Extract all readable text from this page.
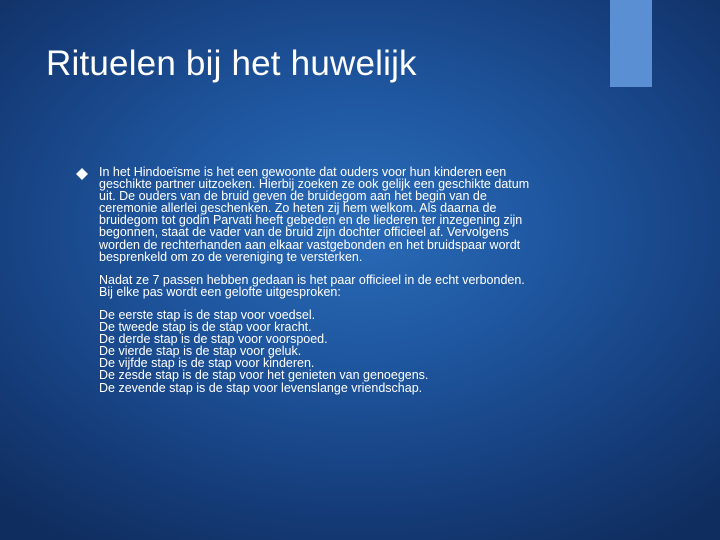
Rituelen bij het huwelijk

In het Hindoeïsme is het een gewoonte dat ouders voor hun kinderen een
geschikte partner uitzoeken. Hierbij zoeken ze ook gelijk een geschikte datum
uit. De ouders van de bruid geven de bruidegom aan het begin van de
ceremonie allerlei geschenken. Zo heten zij hem welkom. Als daarna de
bruidegom tot godin Parvati heeft gebeden en de liederen ter inzegening zijn
begonnen, staat de vader van de bruid zijn dochter officieel af. Vervolgens
worden de rechterhanden aan elkaar vastgebonden en het bruidspaar wordt
besprenkeld om zo de vereniging te versterken.

Nadat ze 7 passen hebben gedaan is het paar officieel in de echt verbonden.
Bij elke pas wordt een gelofte uitgesproken:

De eerste stap is de stap voor voedsel.
De tweede stap is de stap voor kracht.
De derde stap is de stap voor voorspoed.
De vierde stap is de stap voor geluk.
De vijfde stap is de stap voor kinderen.
De zesde stap is de stap voor het genieten van genoegens.
De zevende stap is de stap voor levenslange vriendschap.
